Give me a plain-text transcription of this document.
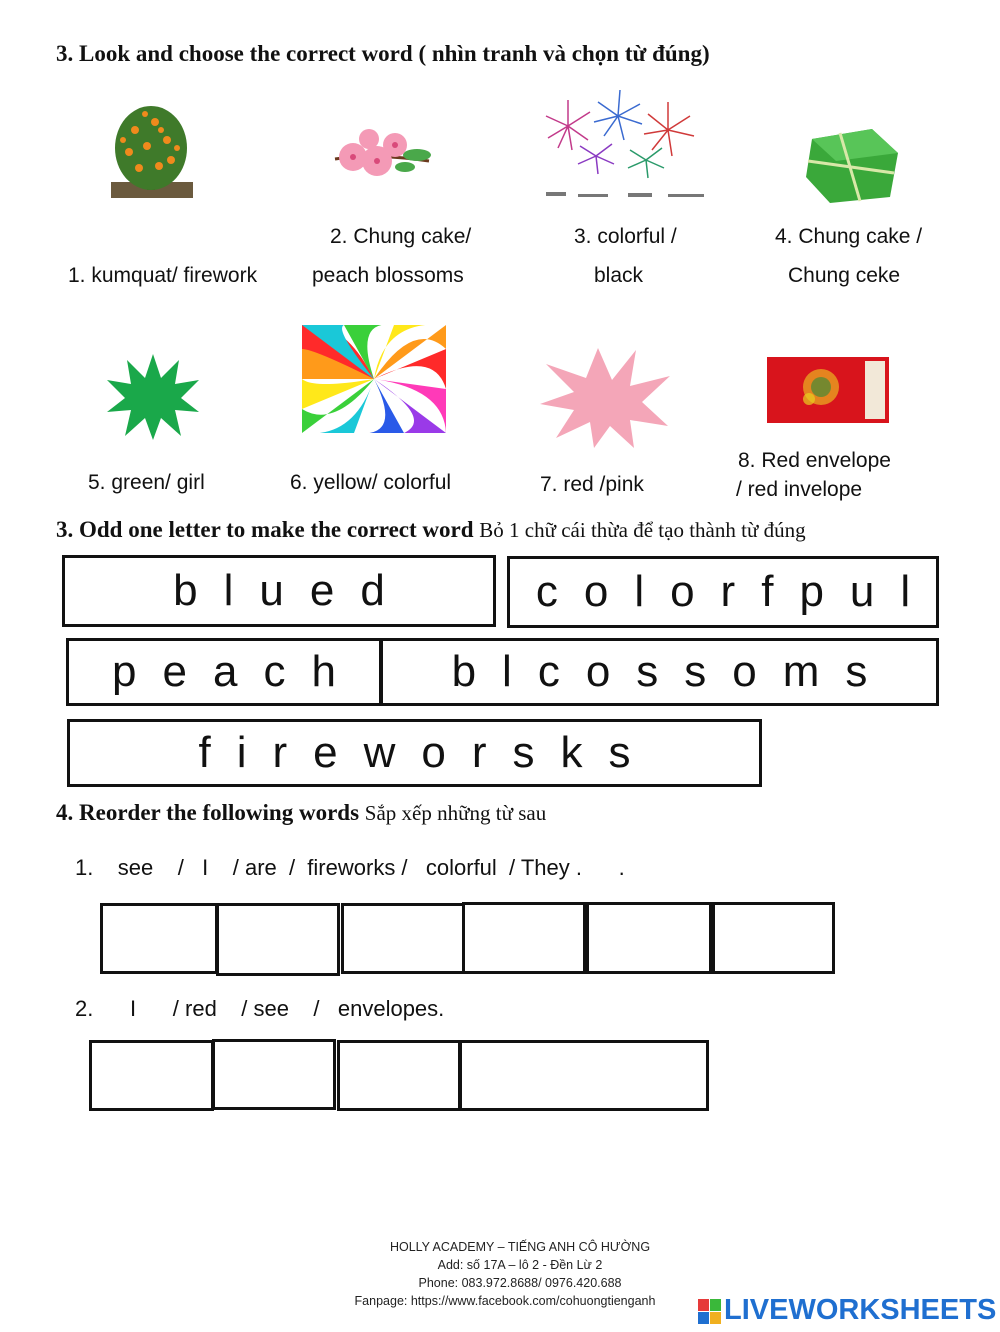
3. Look and choose the correct word ( nhìn tranh và chọn từ đúng)
1. kumquat/ firework
2. Chung cake/
peach blossoms
3. colorful /
black
4. Chung cake /
Chung ceke
5. green/ girl	6. yellow/ colorful	7. red /pink
8. Red envelope
/ red invelope
3. Odd one letter to make the correct word Bỏ 1 chữ cái thừa để tạo thành từ đúng
blued	colorfpul
peach	blcossoms
fireworsks
4. Reorder the following words Sắp xếp những từ sau
1.    see    /   I    / are  /  fireworks /   colorful  / They .      .
2.      I      / red    / see    /   envelopes.
HOLLY ACADEMY – TIẾNG ANH CÔ HƯỜNG
Add: số 17A – lô 2 - Đền Lừ 2
Phone: 083.972.8688/ 0976.420.688
Fanpage: https://www.facebook.com/cohuongtienganh	LIVEWORKSHEETS
